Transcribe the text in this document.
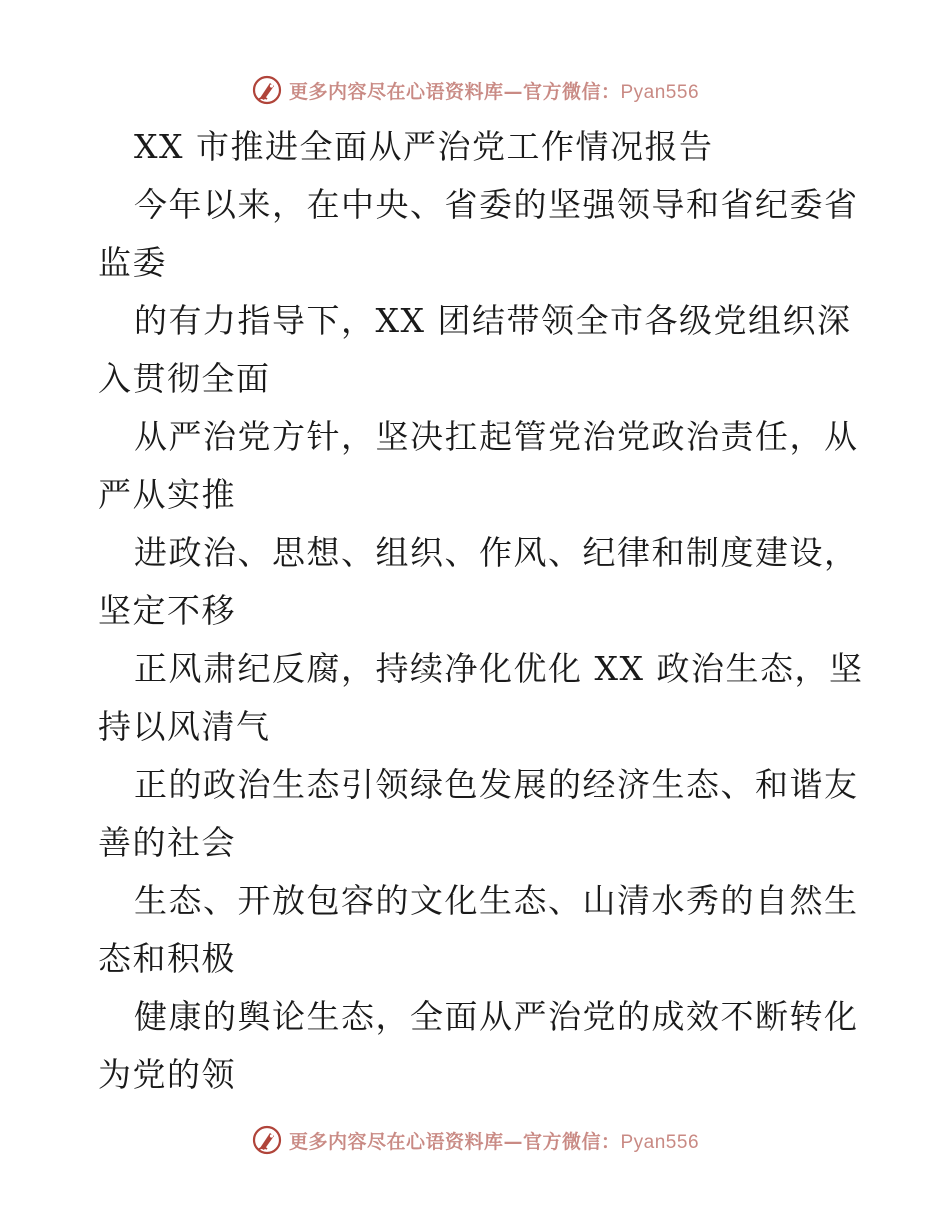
更多内容尽在心语资料库—官方微信：Pyan556
XX 市推进全面从严治党工作情况报告
今年以来，在中央、省委的坚强领导和省纪委省
监委
的有力指导下，XX 团结带领全市各级党组织深
入贯彻全面
从严治党方针，坚决扛起管党治党政治责任，从
严从实推
进政治、思想、组织、作风、纪律和制度建设，
坚定不移
正风肃纪反腐，持续净化优化 XX 政治生态，坚
持以风清气
正的政治生态引领绿色发展的经济生态、和谐友
善的社会
生态、开放包容的文化生态、山清水秀的自然生
态和积极
健康的舆论生态，全面从严治党的成效不断转化
为党的领
更多内容尽在心语资料库—官方微信：Pyan556
